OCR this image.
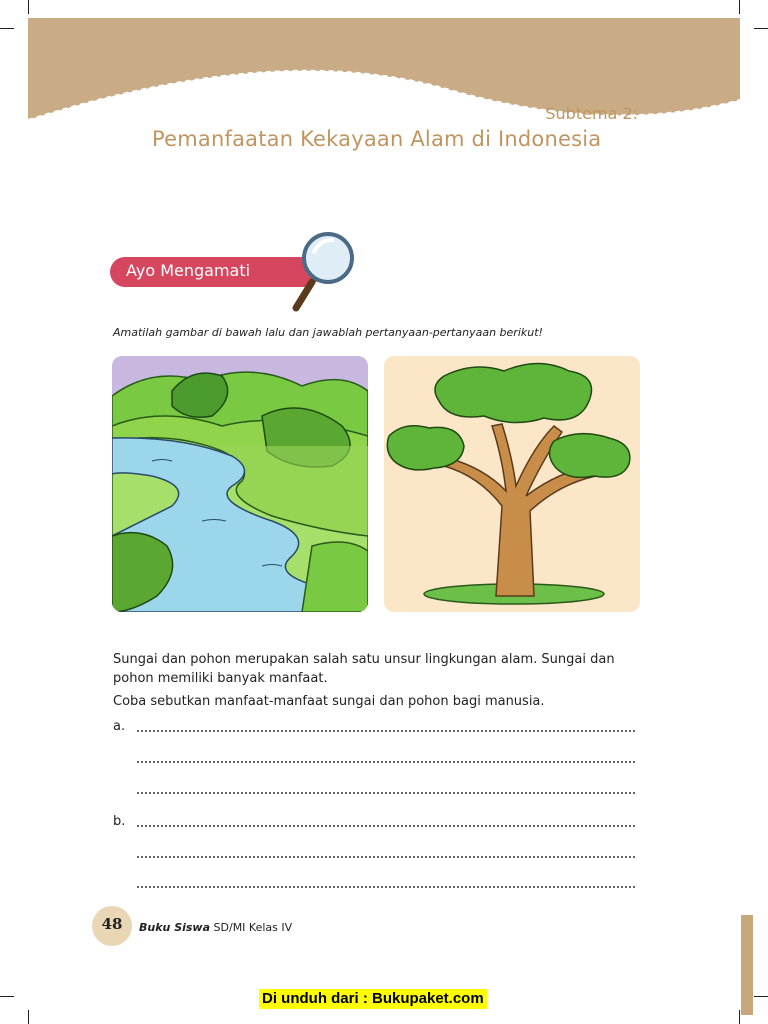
Subtema 2:
Pemanfaatan Kekayaan Alam di Indonesia
Ayo Mengamati
Amatilah gambar di bawah lalu dan jawablah pertanyaan-pertanyaan berikut!
Sungai dan pohon merupakan salah satu unsur lingkungan alam. Sungai dan pohon memiliki banyak manfaat.
Coba sebutkan manfaat-manfaat sungai dan pohon bagi manusia.
a.
b.
48	Buku Siswa SD/MI Kelas IV
Di unduh dari : Bukupaket.com
